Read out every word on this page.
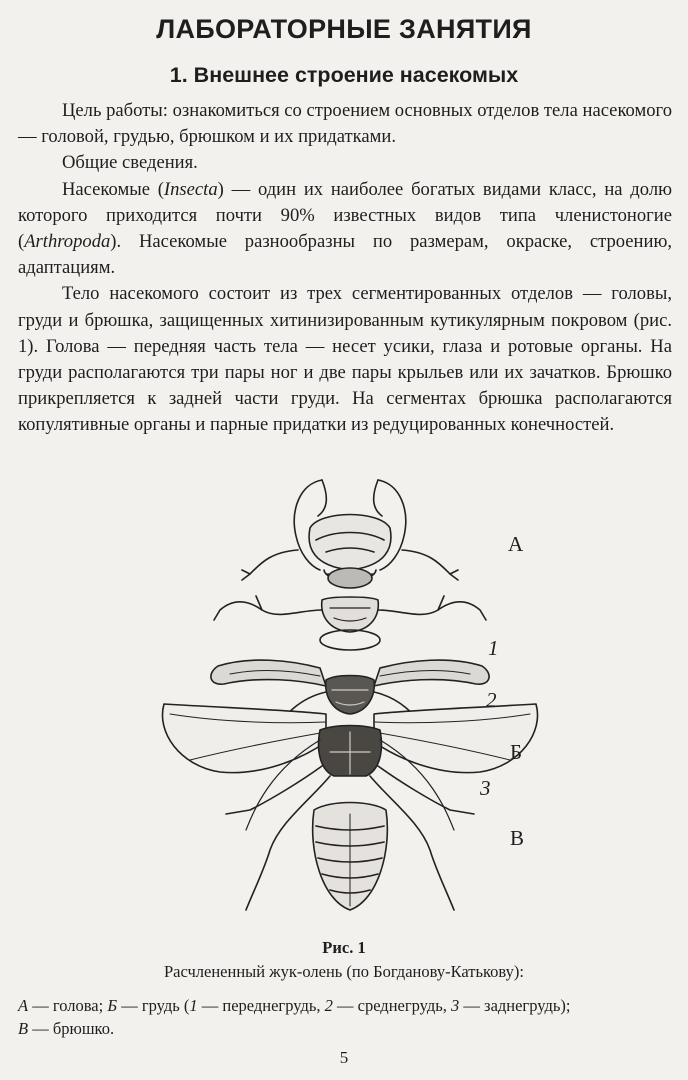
ЛАБОРАТОРНЫЕ ЗАНЯТИЯ
1. Внешнее строение насекомых

Цель работы: ознакомиться со строением основных отделов тела насекомого — головой, грудью, брюшком и их придатками.

Общие сведения.

Насекомые (Insecta) — один их наиболее богатых видами класс, на долю которого приходится почти 90% известных видов типа членистоногие (Arthropoda). Насекомые разнообразны по размерам, окраске, строению, адаптациям.

Тело насекомого состоит из трех сегментированных отделов — головы, груди и брюшка, защищенных хитинизированным кутикулярным покровом (рис. 1). Голова — передняя часть тела — несет усики, глаза и ротовые органы. На груди располагаются три пары ног и две пары крыльев или их зачатков. Брюшко прикрепляется к задней части груди. На сегментах брюшка располагаются копулятивные органы и парные придатки из редуцированных конечностей.

А
1
2
Б
3
В
Рис. 1
Расчлененный жук-олень (по Богданову-Катькову):
А — голова; Б — грудь (1 — переднегрудь, 2 — среднегрудь, 3 — заднегрудь);
В — брюшко.
5
